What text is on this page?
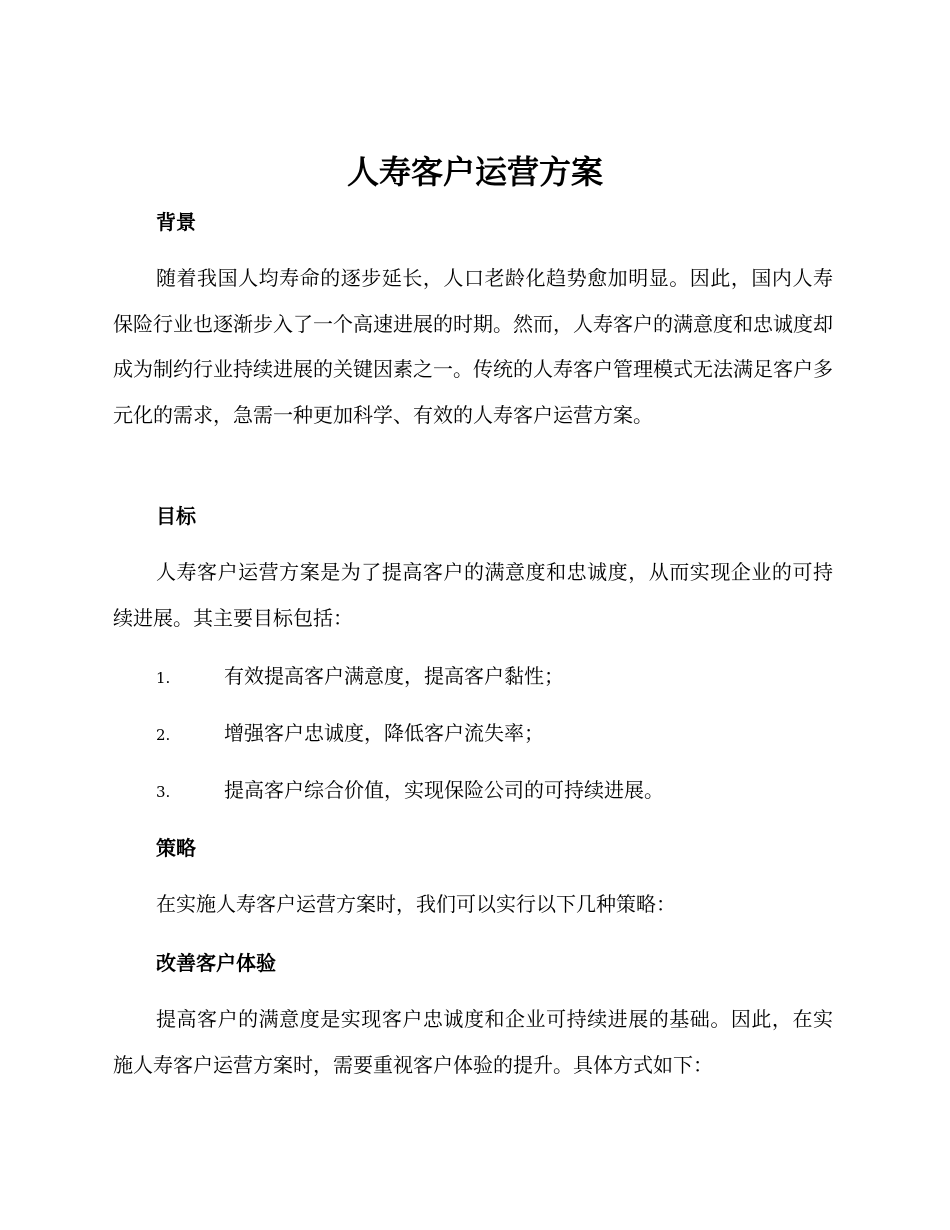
人寿客户运营方案
背景
随着我国人均寿命的逐步延长，人口老龄化趋势愈加明显。因此，国内人寿保险行业也逐渐步入了一个高速进展的时期。然而，人寿客户的满意度和忠诚度却成为制约行业持续进展的关键因素之一。传统的人寿客户管理模式无法满足客户多元化的需求，急需一种更加科学、有效的人寿客户运营方案。
目标
人寿客户运营方案是为了提高客户的满意度和忠诚度，从而实现企业的可持续进展。其主要目标包括：
1.	有效提高客户满意度，提高客户黏性；
2.	增强客户忠诚度，降低客户流失率；
3.	提高客户综合价值，实现保险公司的可持续进展。
策略
在实施人寿客户运营方案时，我们可以实行以下几种策略：
改善客户体验
提高客户的满意度是实现客户忠诚度和企业可持续进展的基础。因此，在实施人寿客户运营方案时，需要重视客户体验的提升。具体方式如下：
